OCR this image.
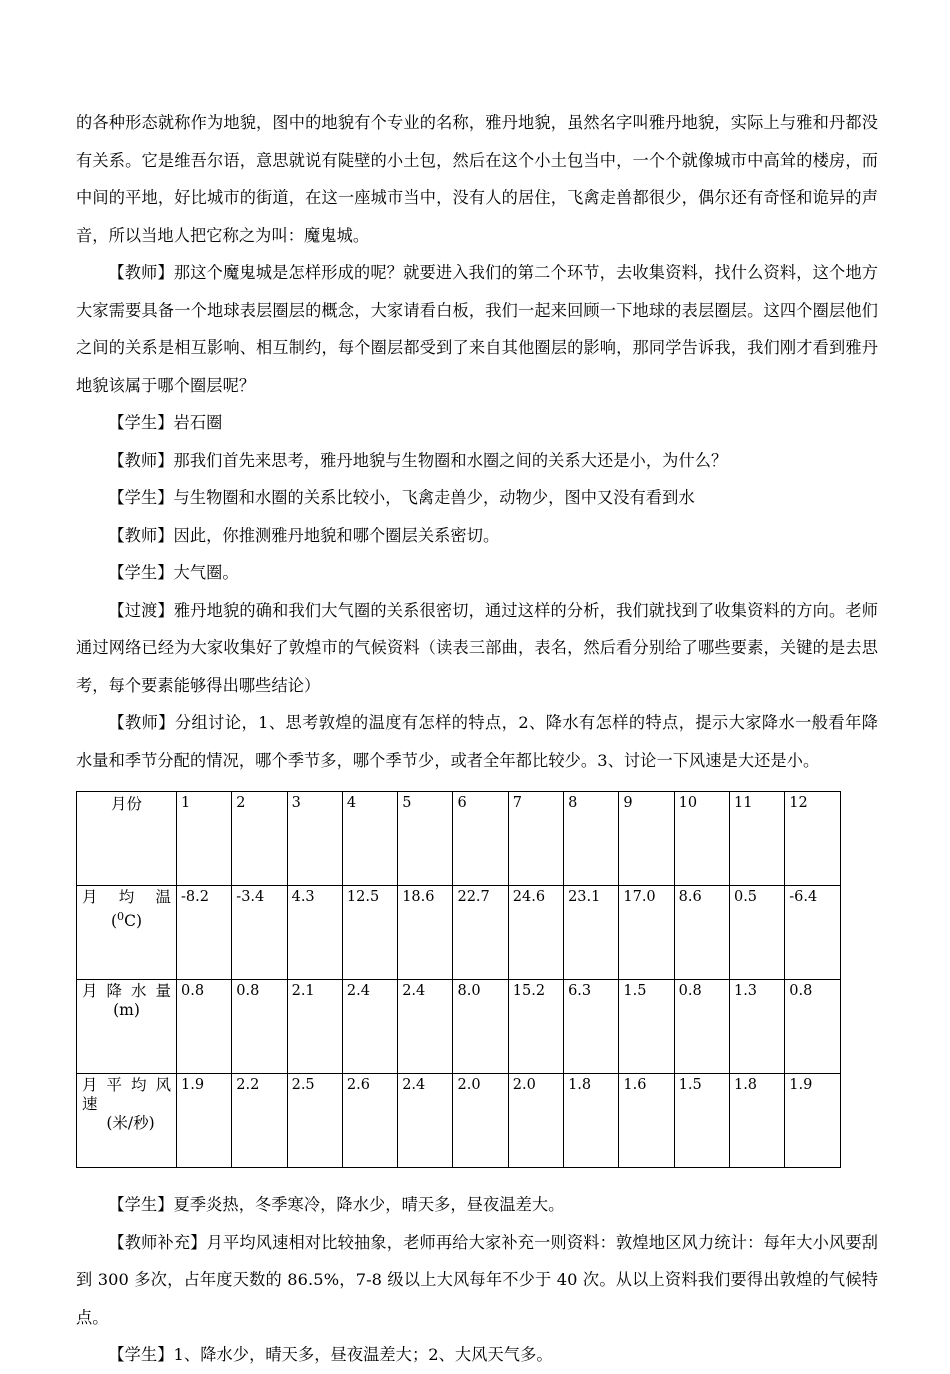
的各种形态就称作为地貌，图中的地貌有个专业的名称，雅丹地貌，虽然名字叫雅丹地貌，实际上与雅和丹都没有关系。它是维吾尔语，意思就说有陡壁的小土包，然后在这个小土包当中，一个个就像城市中高耸的楼房，而中间的平地，好比城市的街道，在这一座城市当中，没有人的居住，飞禽走兽都很少，偶尔还有奇怪和诡异的声音，所以当地人把它称之为叫：魔鬼城。

【教师】那这个魔鬼城是怎样形成的呢？就要进入我们的第二个环节，去收集资料，找什么资料，这个地方大家需要具备一个地球表层圈层的概念，大家请看白板，我们一起来回顾一下地球的表层圈层。这四个圈层他们之间的关系是相互影响、相互制约，每个圈层都受到了来自其他圈层的影响，那同学告诉我，我们刚才看到雅丹地貌该属于哪个圈层呢？

【学生】岩石圈

【教师】那我们首先来思考，雅丹地貌与生物圈和水圈之间的关系大还是小，为什么？

【学生】与生物圈和水圈的关系比较小，飞禽走兽少，动物少，图中又没有看到水

【教师】因此，你推测雅丹地貌和哪个圈层关系密切。

【学生】大气圈。

【过渡】雅丹地貌的确和我们大气圈的关系很密切，通过这样的分析，我们就找到了收集资料的方向。老师通过网络已经为大家收集好了敦煌市的气候资料（读表三部曲，表名，然后看分别给了哪些要素，关键的是去思考，每个要素能够得出哪些结论）

【教师】分组讨论，1、思考敦煌的温度有怎样的特点，2、降水有怎样的特点，提示大家降水一般看年降水量和季节分配的情况，哪个季节多，哪个季节少，或者全年都比较少。3、讨论一下风速是大还是小。

月份	1	2	3	4	5	6	7	8	9	10	11	12

月 均 温
($^0$C)	-8.2	-3.4	4.3	12.5	18.6	22.7	24.6	23.1	17.0	8.6	0.5	-6.4

月 降 水 量
(m)	0.8	0.8	2.1	2.4	2.4	8.0	15.2	6.3	1.5	0.8	1.3	0.8

月 平 均 风
速
(米/秒)	1.9	2.2	2.5	2.6	2.4	2.0	2.0	1.8	1.6	1.5	1.8	1.9

【学生】夏季炎热，冬季寒冷，降水少，晴天多，昼夜温差大。

【教师补充】月平均风速相对比较抽象，老师再给大家补充一则资料：敦煌地区风力统计：每年大小风要刮到 300 多次，占年度天数的 86.5%，7-8 级以上大风每年不少于 40 次。从以上资料我们要得出敦煌的气候特点。

【学生】1、降水少，晴天多，昼夜温差大；2、大风天气多。
